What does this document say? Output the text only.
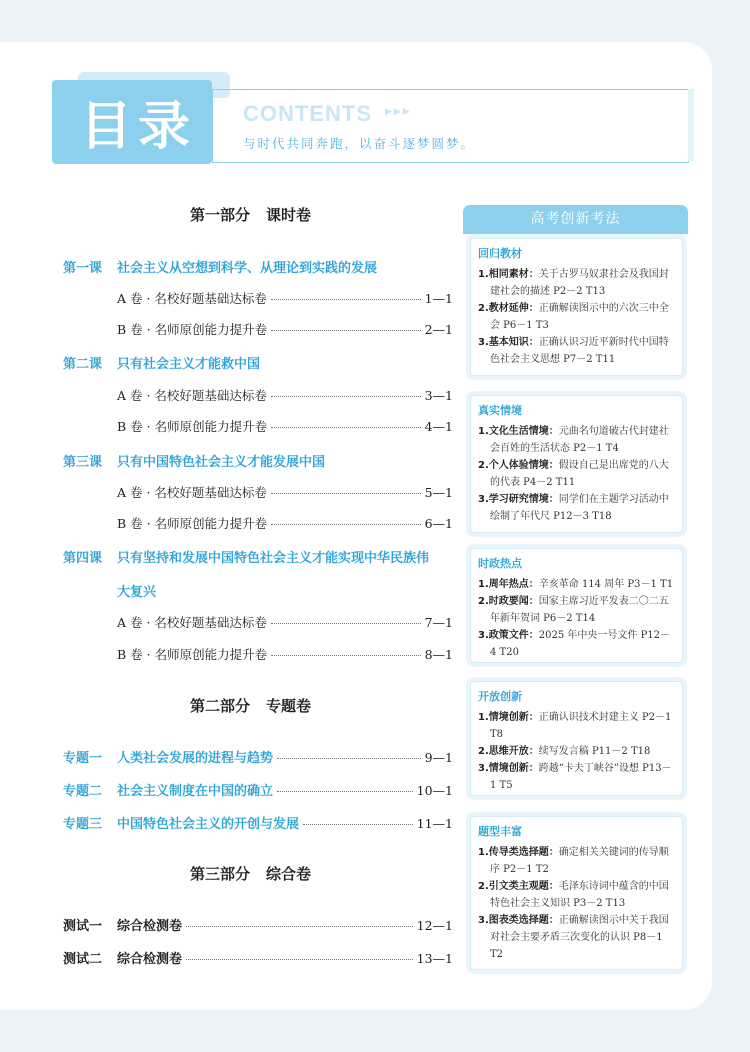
目录 CONTENTS ▶▶▶
与时代共同奔跑，以奋斗逐梦圆梦。
第一部分 课时卷
第一课 社会主义从空想到科学、从理论到实践的发展
A 卷 · 名校好题基础达标卷	1—1
B 卷 · 名师原创能力提升卷	2—1
第二课 只有社会主义才能救中国
A 卷 · 名校好题基础达标卷	3—1
B 卷 · 名师原创能力提升卷	4—1
第三课 只有中国特色社会主义才能发展中国
A 卷 · 名校好题基础达标卷	5—1
B 卷 · 名师原创能力提升卷	6—1
第四课 只有坚持和发展中国特色社会主义才能实现中华民族伟
大复兴
A 卷 · 名校好题基础达标卷	7—1
B 卷 · 名师原创能力提升卷	8—1
第二部分 专题卷
专题一	人类社会发展的进程与趋势	9—1
专题二	社会主义制度在中国的确立	10—1
专题三	中国特色社会主义的开创与发展	11—1
第三部分 综合卷
测试一	综合检测卷	12—1
测试二	综合检测卷	13—1
高考创新考法
回归教材
1.相同素材：关于古罗马奴隶社会及我国封建社会的描述 P2－2 T13
2.教材延伸：正确解读图示中的六次三中全会 P6－1 T3
3.基本知识：正确认识习近平新时代中国特色社会主义思想 P7－2 T11
真实情境
1.文化生活情境：元曲名句道破古代封建社会百姓的生活状态 P2－1 T4
2.个人体验情境：假设自己是出席党的八大的代表 P4－2 T11
3.学习研究情境：同学们在主题学习活动中绘制了年代尺 P12－3 T18
时政热点
1.周年热点：辛亥革命 114 周年 P3－1 T1
2.时政要闻：国家主席习近平发表二〇二五年新年贺词 P6－2 T14
3.政策文件：2025 年中央一号文件 P12－4 T20
开放创新
1.情境创新：正确认识技术封建主义 P2－1 T8
2.思维开放：续写发言稿 P11－2 T18
3.情境创新：跨越“卡夫丁峡谷”设想 P13－1 T5
题型丰富
1.传导类选择题：确定相关关键词的传导顺序 P2－1 T2
2.引文类主观题：毛泽东诗词中蕴含的中国特色社会主义知识 P3－2 T13
3.图表类选择题：正确解读图示中关于我国对社会主要矛盾三次变化的认识 P8－1 T2
